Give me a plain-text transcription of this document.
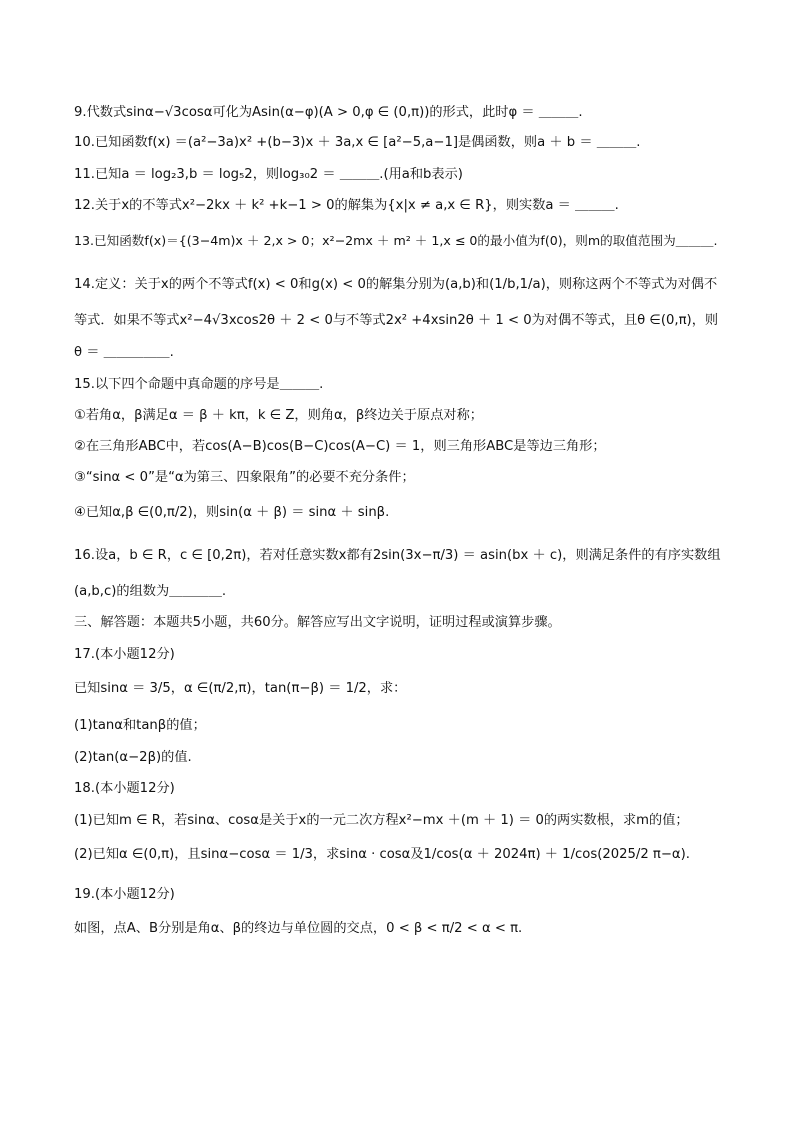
9.代数式sinα−√3cosα可化为Asin(α−φ)(A > 0,φ ∈ (0,π))的形式，此时φ ＝ ＿＿＿.
10.已知函数f(x) ＝(a²−3a)x² +(b−3)x ＋ 3a,x ∈ [a²−5,a−1]是偶函数，则a ＋ b ＝ ＿＿＿.
11.已知a ＝ log₂3,b ＝ log₅2，则log₃₀2 ＝ ＿＿＿.(用a和b表示)
12.关于x的不等式x²−2kx ＋ k² +k−1 > 0的解集为{x|x ≠ a,x ∈ R}，则实数a ＝ ＿＿＿.
13.已知函数f(x)＝{(3−4m)x ＋ 2,x > 0；x²−2mx ＋ m² ＋ 1,x ≤ 0的最小值为f(0)，则m的取值范围为＿＿＿.
14.定义：关于x的两个不等式f(x) < 0和g(x) < 0的解集分别为(a,b)和(1/b,1/a)，则称这两个不等式为对偶不
等式．如果不等式x²−4√3xcos2θ ＋ 2 < 0与不等式2x² +4xsin2θ ＋ 1 < 0为对偶不等式，且θ ∈(0,π)，则
θ ＝ ＿＿＿＿＿.
15.以下四个命题中真命题的序号是＿＿＿.
①若角α，β满足α ＝ β ＋ kπ，k ∈ Z，则角α，β终边关于原点对称；
②在三角形ABC中，若cos(A−B)cos(B−C)cos(A−C) ＝ 1，则三角形ABC是等边三角形；
③“sinα < 0”是“α为第三、四象限角”的必要不充分条件；
④已知α,β ∈(0,π/2)，则sin(α ＋ β) ＝ sinα ＋ sinβ.
16.设a，b ∈ R，c ∈ [0,2π)，若对任意实数x都有2sin(3x−π/3) ＝ asin(bx ＋ c)，则满足条件的有序实数组
(a,b,c)的组数为＿＿＿＿.
三、解答题：本题共5小题，共60分。解答应写出文字说明，证明过程或演算步骤。
17.(本小题12分)
已知sinα ＝ 3/5，α ∈(π/2,π)，tan(π−β) ＝ 1/2，求：
(1)tanα和tanβ的值；
(2)tan(α−2β)的值.
18.(本小题12分)
(1)已知m ∈ R，若sinα、cosα是关于x的一元二次方程x²−mx ＋(m ＋ 1) ＝ 0的两实数根，求m的值；
(2)已知α ∈(0,π)，且sinα−cosα ＝ 1/3，求sinα · cosα及1/cos(α ＋ 2024π) ＋ 1/cos(2025/2 π−α).
19.(本小题12分)
如图，点A、B分别是角α、β的终边与单位圆的交点，0 < β < π/2 < α < π.
